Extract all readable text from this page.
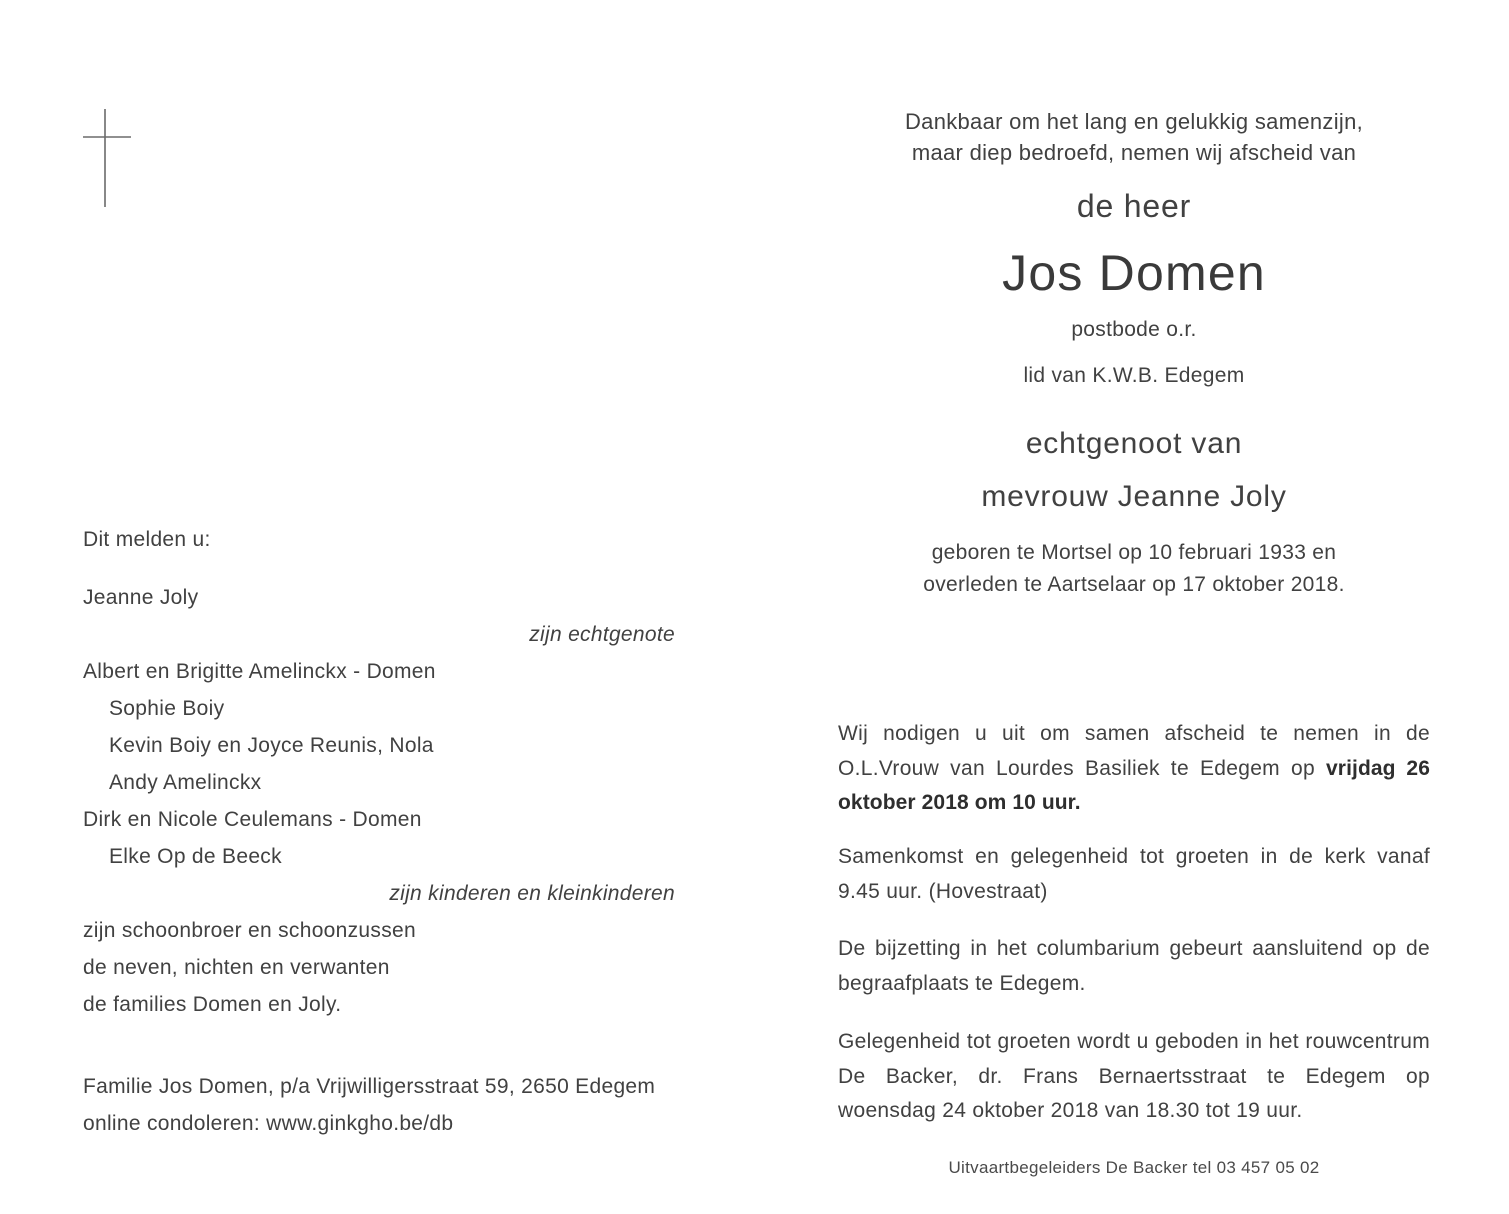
Dit melden u:
Jeanne Joly
zijn echtgenote
Albert en Brigitte Amelinckx - Domen
Sophie Boiy
Kevin Boiy en Joyce Reunis, Nola
Andy Amelinckx
Dirk en Nicole Ceulemans - Domen
Elke Op de Beeck
zijn kinderen en kleinkinderen
zijn schoonbroer en schoonzussen
de neven, nichten en verwanten
de families Domen en Joly.
Familie Jos Domen, p/a Vrijwilligersstraat 59, 2650 Edegem
online condoleren: www.ginkgho.be/db
Dankbaar om het lang en gelukkig samenzijn,
maar diep bedroefd, nemen wij afscheid van
de heer
Jos Domen
postbode o.r.
lid van K.W.B. Edegem
echtgenoot van
mevrouw Jeanne Joly
geboren te Mortsel op 10 februari 1933 en
overleden te Aartselaar op 17 oktober 2018.
Wij nodigen u uit om samen afscheid te nemen in de O.L.Vrouw van Lourdes Basiliek te Edegem op vrijdag 26 oktober 2018 om 10 uur.
Samenkomst en gelegenheid tot groeten in de kerk vanaf 9.45 uur. (Hovestraat)
De bijzetting in het columbarium gebeurt aansluitend op de begraafplaats te Edegem.
Gelegenheid tot groeten wordt u geboden in het rouwcentrum De Backer, dr. Frans Bernaertsstraat te Edegem op woensdag 24 oktober 2018 van 18.30 tot 19 uur.
Uitvaartbegeleiders De Backer tel 03 457 05 02
